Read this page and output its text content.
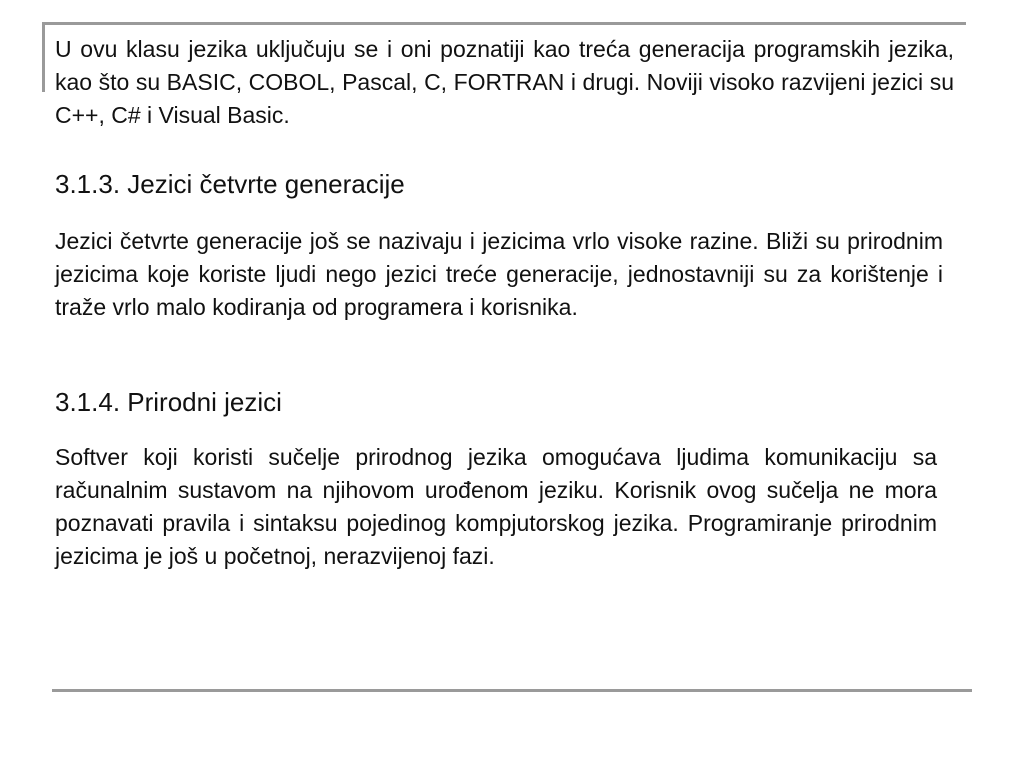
U ovu klasu jezika uključuju se i oni poznatiji kao treća generacija programskih jezika, kao što su BASIC, COBOL, Pascal, C, FORTRAN i drugi. Noviji visoko razvijeni jezici su C++, C# i Visual Basic.

3.1.3. Jezici četvrte generacije

Jezici četvrte generacije još se nazivaju i jezicima vrlo visoke razine. Bliži su prirodnim jezicima koje koriste ljudi nego jezici treće generacije, jednostavniji su za korištenje i traže vrlo malo kodiranja od programera i korisnika.

3.1.4. Prirodni jezici

Softver koji koristi sučelje prirodnog jezika omogućava ljudima komunikaciju sa računalnim sustavom na njihovom urođenom jeziku. Korisnik ovog sučelja ne mora poznavati pravila i sintaksu pojedinog kompjutorskog jezika. Programiranje prirodnim jezicima je još u početnoj, nerazvijenoj fazi.
